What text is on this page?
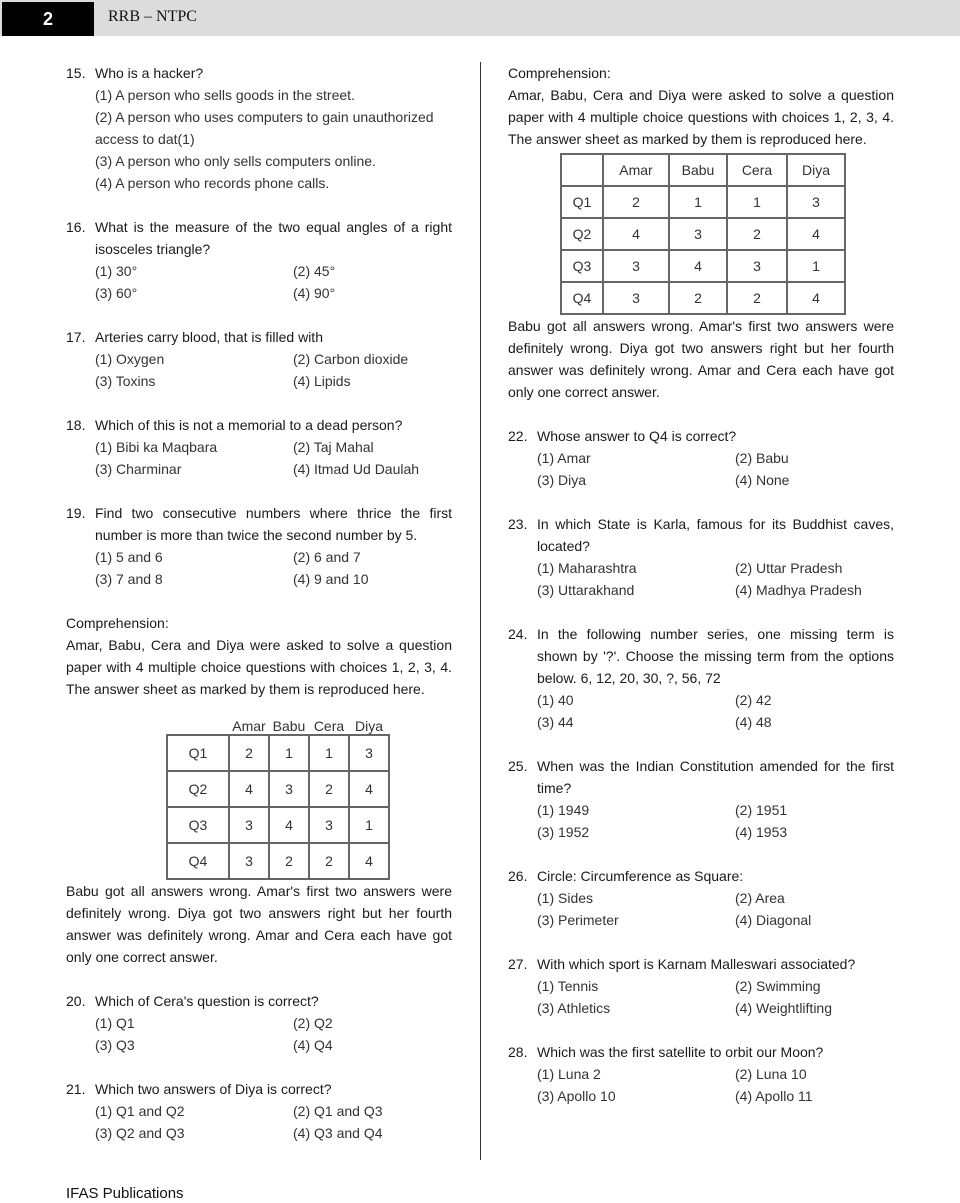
2	RRB – NTPC
15. Who is a hacker?
(1) A person who sells goods in the street.
(2) A person who uses computers to gain unauthorized access to dat(1)
(3) A person who only sells computers online.
(4) A person who records phone calls.
16. What is the measure of the two equal angles of a right isosceles triangle?
(1) 30°	(2) 45°
(3) 60°	(4) 90°
17. Arteries carry blood, that is filled with
(1) Oxygen	(2) Carbon dioxide
(3) Toxins	(4) Lipids
18. Which of this is not a memorial to a dead person?
(1) Bibi ka Maqbara	(2) Taj Mahal
(3) Charminar	(4) Itmad Ud Daulah
19. Find two consecutive numbers where thrice the first number is more than twice the second number by 5.
(1) 5 and 6	(2) 6 and 7
(3) 7 and 8	(4) 9 and 10
Comprehension:
Amar, Babu, Cera and Diya were asked to solve a question paper with 4 multiple choice questions with choices 1, 2, 3, 4. The answer sheet as marked by them is reproduced here.
	Amar	Babu	Cera	Diya
Q1	2	1	1	3
Q2	4	3	2	4
Q3	3	4	3	1
Q4	3	2	2	4
Babu got all answers wrong. Amar's first two answers were definitely wrong. Diya got two answers right but her fourth answer was definitely wrong. Amar and Cera each have got only one correct answer.
20. Which of Cera's question is correct?
(1) Q1	(2) Q2
(3) Q3	(4) Q4
21. Which two answers of Diya is correct?
(1) Q1 and Q2	(2) Q1 and Q3
(3) Q2 and Q3	(4) Q3 and Q4
Comprehension:
Amar, Babu, Cera and Diya were asked to solve a question paper with 4 multiple choice questions with choices 1, 2, 3, 4. The answer sheet as marked by them is reproduced here.
	Amar	Babu	Cera	Diya
Q1	2	1	1	3
Q2	4	3	2	4
Q3	3	4	3	1
Q4	3	2	2	4
Babu got all answers wrong. Amar's first two answers were definitely wrong. Diya got two answers right but her fourth answer was definitely wrong. Amar and Cera each have got only one correct answer.
22. Whose answer to Q4 is correct?
(1) Amar	(2) Babu
(3) Diya	(4) None
23. In which State is Karla, famous for its Buddhist caves, located?
(1) Maharashtra	(2) Uttar Pradesh
(3) Uttarakhand	(4) Madhya Pradesh
24. In the following number series, one missing term is shown by '?'. Choose the missing term from the options below. 6, 12, 20, 30, ?, 56, 72
(1) 40	(2) 42
(3) 44	(4) 48
25. When was the Indian Constitution amended for the first time?
(1) 1949	(2) 1951
(3) 1952	(4) 1953
26. Circle: Circumference as Square:
(1) Sides	(2) Area
(3) Perimeter	(4) Diagonal
27. With which sport is Karnam Malleswari associated?
(1) Tennis	(2) Swimming
(3) Athletics	(4) Weightlifting
28. Which was the first satellite to orbit our Moon?
(1) Luna 2	(2) Luna 10
(3) Apollo 10	(4) Apollo 11
IFAS Publications
